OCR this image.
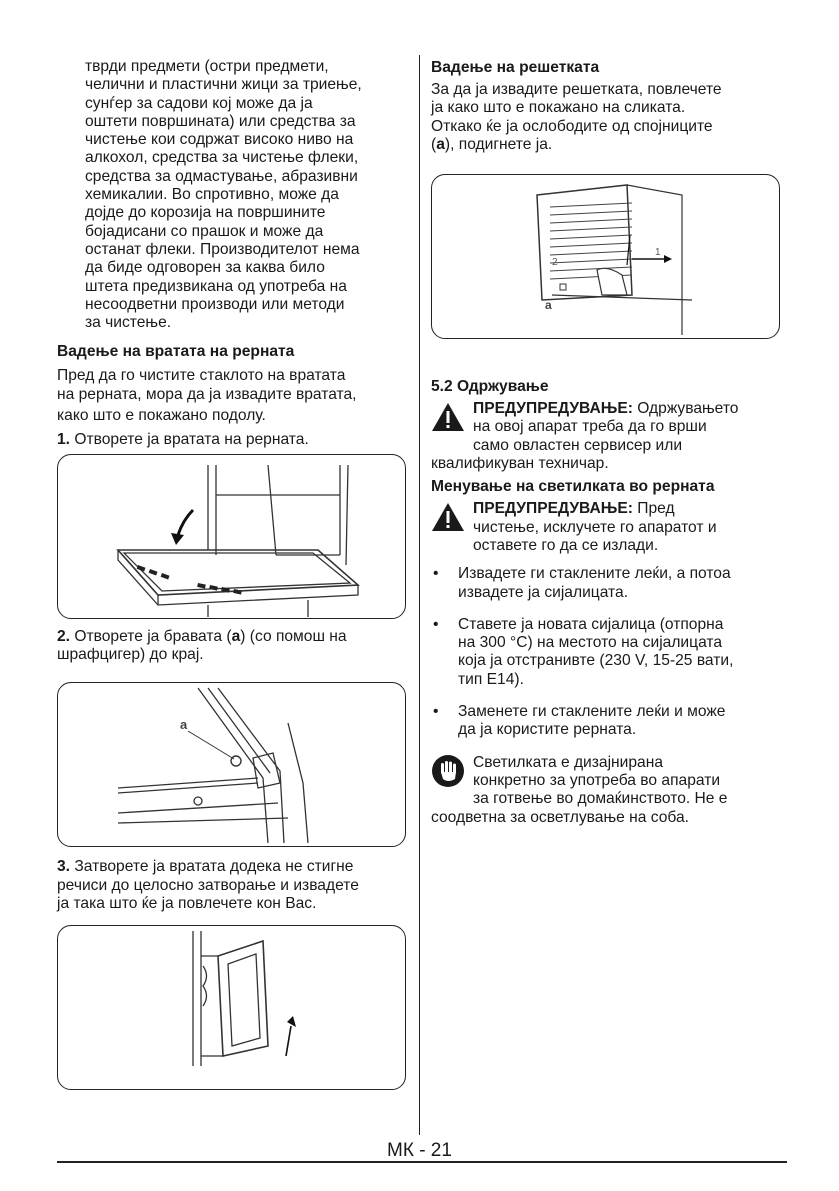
тврди предмети (остри предмети,
челични и пластични жици за триење,
сунѓер за садови кој може да ја
оштети површината) или средства за
чистење кои содржат високо ниво на
алкохол, средства за чистење флеки,
средства за одмастување, абразивни
хемикалии. Во спротивно, може да
дојде до корозија на површините
бојадисани со прашок и може да
останат флеки. Производителот нема
да биде одговорен за каква било
штета предизвикана од употреба на
несоодветни производи или методи
за чистење.
Вадење на вратата на рерната
Пред да го чистите стаклото на вратата
на рерната, мора да ја извадите вратата,
како што е покажано подолу.
1. Отворете ја вратата на рерната.
2. Отворете ја бравата (a) (со помош на
шрафцигер) до крај.
a
3. Затворете ја вратата додека не стигне
речиси до целосно затворање и извадете
ја така што ќе ја повлечете кон Вас.
Вадење на решетката
За да ја извадите решетката, повлечете
ја како што е покажано на сликата.
Откако ќе ја ослободите од спојниците
(a), подигнете ја.
1
2
a
5.2 Одржување
ПРЕДУПРЕДУВАЊЕ: Одржувањето
на овој апарат треба да го врши
само овластен сервисер или
квалификуван техничар.
Менување на светилката во рерната
ПРЕДУПРЕДУВАЊЕ: Пред
чистење, исклучете го апаратот и
оставете го да се излади.
• Извадете ги стаклените леќи, а потоа
извадете ја сијалицата.
• Ставете ја новата сијалица (отпорна
на 300 °C) на местото на сијалицата
која ја отстранивте (230 V, 15-25 вати,
тип E14).
• Заменете ги стаклените леќи и може
да ја користите рерната.
Светилката е дизајнирана
конкретно за употреба во апарати
за готвење во домаќинството. Не е
соодветна за осветлување на соба.
МК - 21
